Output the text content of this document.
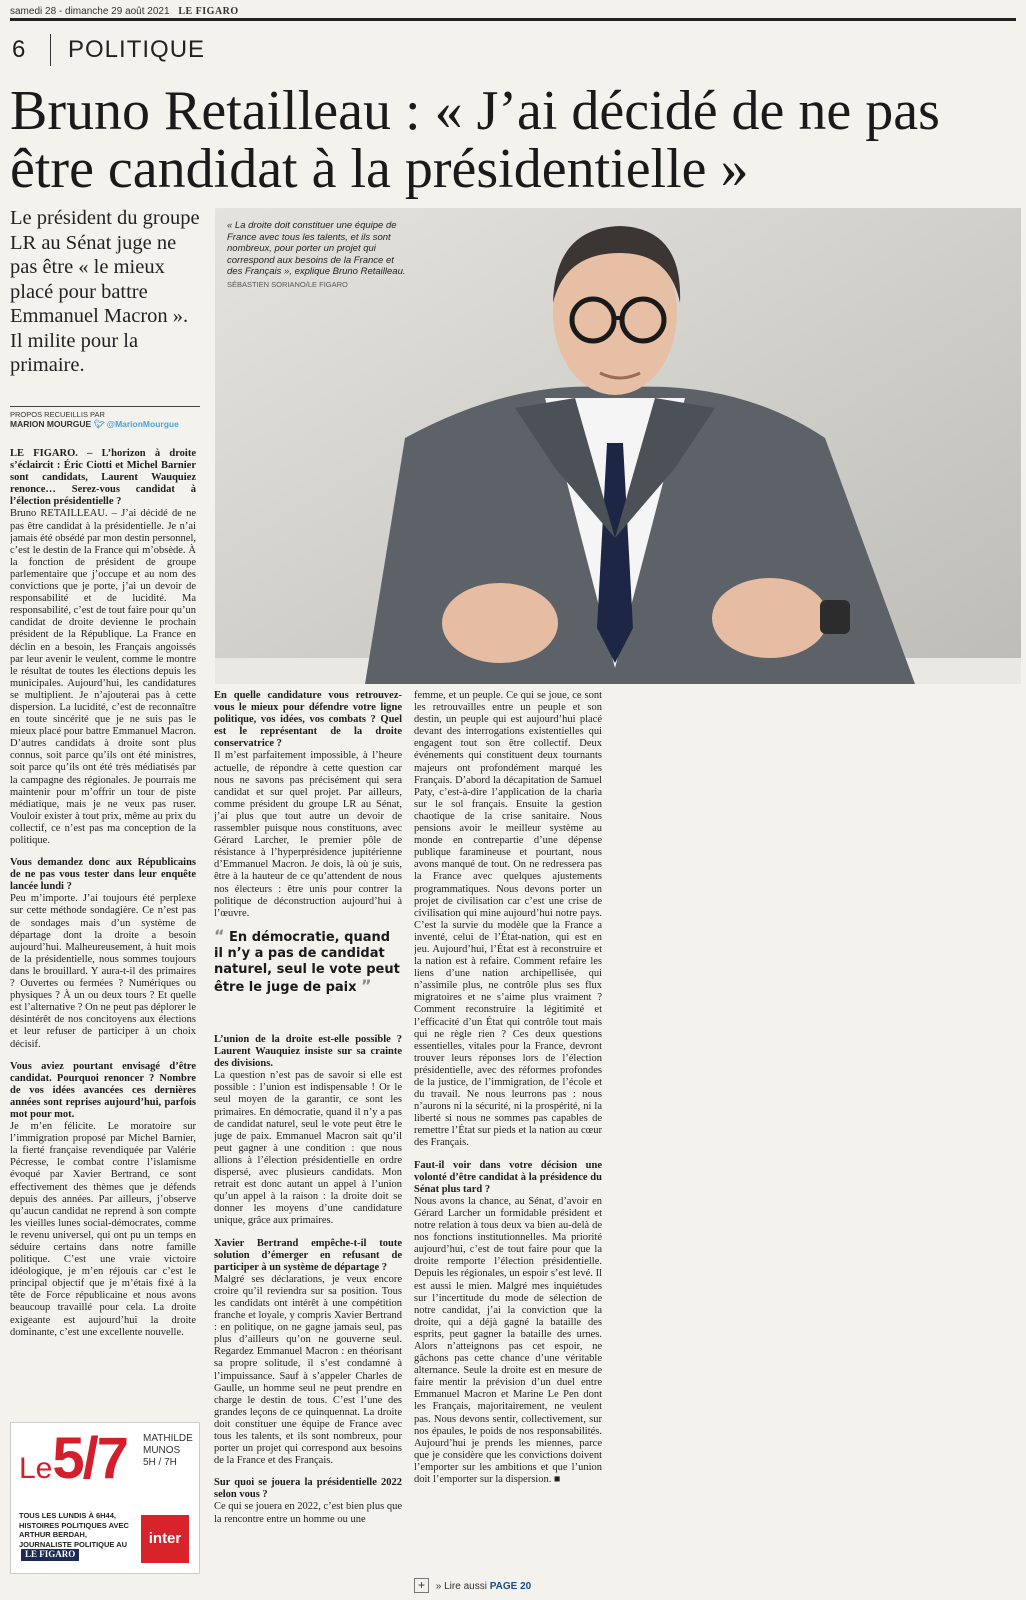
samedi 28 - dimanche 29 août 2021 LE FIGARO
6 POLITIQUE
Bruno Retailleau : « J’ai décidé de ne pas
être candidat à la présidentielle »
Le président du groupe LR au Sénat juge ne pas être « le mieux placé pour battre Emmanuel Macron ». Il milite pour la primaire.
« La droite doit constituer une équipe de France avec tous les talents, et ils sont nombreux, pour porter un projet qui correspond aux besoins de la France et des Français », explique Bruno Retailleau.
SÉBASTIEN SORIANO/LE FIGARO
PROPOS RECUEILLIS PAR
MARION MOURGUE 🐦︎ @MarionMourgue

LE FIGARO. – L’horizon à droite s’éclaircit : Éric Ciotti et Michel Barnier sont candidats, Laurent Wauquiez renonce… Serez-vous candidat à l’élection présidentielle ?

Bruno RETAILLEAU. – J’ai décidé de ne pas être candidat à la présidentielle. Je n’ai jamais été obsédé par mon destin personnel, c’est le destin de la France qui m’obsède. À la fonction de président de groupe parlementaire que j’occupe et au nom des convictions que je porte, j’ai un devoir de responsabilité et de lucidité. Ma responsabilité, c’est de tout faire pour qu’un candidat de droite devienne le prochain président de la République. La France en déclin en a besoin, les Français angoissés par leur avenir le veulent, comme le montre le résultat de toutes les élections depuis les municipales. Aujourd’hui, les candidatures se multiplient. Je n’ajouterai pas à cette dispersion. La lucidité, c’est de reconnaître en toute sincérité que je ne suis pas le mieux placé pour battre Emmanuel Macron. D’autres candidats à droite sont plus connus, soit parce qu’ils ont été ministres, soit parce qu’ils ont été très médiatisés par la campagne des régionales. Je pourrais me maintenir pour m’offrir un tour de piste médiatique, mais je ne veux pas ruser. Vouloir exister à tout prix, même au prix du collectif, ce n’est pas ma conception de la politique.

Vous demandez donc aux Républicains de ne pas vous tester dans leur enquête lancée lundi ?

Peu m’importe. J’ai toujours été perplexe sur cette méthode sondagière. Ce n’est pas de sondages mais d’un système de départage dont la droite a besoin aujourd’hui. Malheureusement, à huit mois de la présidentielle, nous sommes toujours dans le brouillard. Y aura-t-il des primaires ? Ouvertes ou fermées ? Numériques ou physiques ? À un ou deux tours ? Et quelle est l’alternative ? On ne peut pas déplorer le désintérêt de nos concitoyens aux élections et leur refuser de participer à un choix décisif.

Vous aviez pourtant envisagé d’être candidat. Pourquoi renoncer ? Nombre de vos idées avancées ces dernières années sont reprises aujourd’hui, parfois mot pour mot.

Je m’en félicite. Le moratoire sur l’immigration proposé par Michel Barnier, la fierté française revendiquée par Valérie Pécresse, le combat contre l’islamisme évoqué par Xavier Bertrand, ce sont effectivement des thèmes que je défends depuis des années. Par ailleurs, j’observe qu’aucun candidat ne reprend à son compte les vieilles lunes social-démocrates, comme le revenu universel, qui ont pu un temps en séduire certains dans notre famille politique. C’est une vraie victoire idéologique, je m’en réjouis car c’est le principal objectif que je m’étais fixé à la tête de Force républicaine et nous avons beaucoup travaillé pour cela. La droite exigeante est aujourd’hui la droite dominante, c’est une excellente nouvelle.

En quelle candidature vous retrouvez-vous le mieux pour défendre votre ligne politique, vos idées, vos combats ? Quel est le représentant de la droite conservatrice ?

Il m’est parfaitement impossible, à l’heure actuelle, de répondre à cette question car nous ne savons pas précisément qui sera candidat et sur quel projet. Par ailleurs, comme président du groupe LR au Sénat, j’ai plus que tout autre un devoir de rassembler puisque nous constituons, avec Gérard Larcher, le premier pôle de résistance à l’hyperprésidence jupitérienne d’Emmanuel Macron. Je dois, là où je suis, être à la hauteur de ce qu’attendent de nous nos électeurs : être unis pour contrer la politique de déconstruction aujourd’hui à l’œuvre.

“ En démocratie, quand il n’y a pas de candidat naturel, seul le vote peut être le juge de paix ”

L’union de la droite est-elle possible ? Laurent Wauquiez insiste sur sa crainte des divisions.

La question n’est pas de savoir si elle est possible : l’union est indispensable ! Or le seul moyen de la garantir, ce sont les primaires. En démocratie, quand il n’y a pas de candidat naturel, seul le vote peut être le juge de paix. Emmanuel Macron sait qu’il peut gagner à une condition : que nous allions à l’élection présidentielle en ordre dispersé, avec plusieurs candidats. Mon retrait est donc autant un appel à l’union qu’un appel à la raison : la droite doit se donner les moyens d’une candidature unique, grâce aux primaires.

Xavier Bertrand empêche-t-il toute solution d’émerger en refusant de participer à un système de départage ?

Malgré ses déclarations, je veux encore croire qu’il reviendra sur sa position. Tous les candidats ont intérêt à une compétition franche et loyale, y compris Xavier Bertrand : en politique, on ne gagne jamais seul, pas plus d’ailleurs qu’on ne gouverne seul. Regardez Emmanuel Macron : en théorisant sa propre solitude, il s’est condamné à l’impuissance. Sauf à s’appeler Charles de Gaulle, un homme seul ne peut prendre en charge le destin de tous. C’est l’une des grandes leçons de ce quinquennat. La droite doit constituer une équipe de France avec tous les talents, et ils sont nombreux, pour porter un projet qui correspond aux besoins de la France et des Français.

Sur quoi se jouera la présidentielle 2022 selon vous ?

Ce qui se jouera en 2022, c’est bien plus que la rencontre entre un homme ou une

femme, et un peuple. Ce qui se joue, ce sont les retrouvailles entre un peuple et son destin, un peuple qui est aujourd’hui placé devant des interrogations existentielles qui engagent tout son être collectif. Deux événements qui constituent deux tournants majeurs ont profondément marqué les Français. D’abord la décapitation de Samuel Paty, c’est-à-dire l’application de la charia sur le sol français. Ensuite la gestion chaotique de la crise sanitaire. Nous pensions avoir le meilleur système au monde en contrepartie d’une dépense publique faramineuse et pourtant, nous avons manqué de tout. On ne redressera pas la France avec quelques ajustements programmatiques. Nous devons porter un projet de civilisation car c’est une crise de civilisation qui mine aujourd’hui notre pays. C’est la survie du modèle que la France a inventé, celui de l’État-nation, qui est en jeu. Aujourd’hui, l’État est à reconstruire et la nation est à refaire. Comment refaire les liens d’une nation archipellisée, qui n’assimile plus, ne contrôle plus ses flux migratoires et ne s’aime plus vraiment ? Comment reconstruire la légitimité et l’efficacité d’un État qui contrôle tout mais qui ne règle rien ? Ces deux questions essentielles, vitales pour la France, devront trouver leurs réponses lors de l’élection présidentielle, avec des réformes profondes de la justice, de l’immigration, de l’école et du travail. Ne nous leurrons pas : nous n’aurons ni la sécurité, ni la prospérité, ni la liberté si nous ne sommes pas capables de remettre l’État sur pieds et la nation au cœur des Français.

Faut-il voir dans votre décision une volonté d’être candidat à la présidence du Sénat plus tard ?

Nous avons la chance, au Sénat, d’avoir en Gérard Larcher un formidable président et notre relation à tous deux va bien au-delà de nos fonctions institutionnelles. Ma priorité aujourd’hui, c’est de tout faire pour que la droite remporte l’élection présidentielle. Depuis les régionales, un espoir s’est levé. Il est aussi le mien. Malgré mes inquiétudes sur l’incertitude du mode de sélection de notre candidat, j’ai la conviction que la droite, qui a déjà gagné la bataille des esprits, peut gagner la bataille des urnes. Alors n’atteignons pas cet espoir, ne gâchons pas cette chance d’une véritable alternance. Seule la droite est en mesure de faire mentir la prévision d’un duel entre Emmanuel Macron et Marine Le Pen dont les Français, majoritairement, ne veulent pas. Nous devons sentir, collectivement, sur nos épaules, le poids de nos responsabilités. Aujourd’hui je prends les miennes, parce que je considère que les convictions doivent l’emporter sur les ambitions et que l’union doit l’emporter sur la dispersion. ■

Le5/7 MATHILDE MUNOS
5H / 7H
TOUS LES LUNDIS À 6H44, HISTOIRES POLITIQUES AVEC ARTHUR BERDAH, JOURNALISTE POLITIQUE AU LE FIGARO
inter
+ » Lire aussi PAGE 20
